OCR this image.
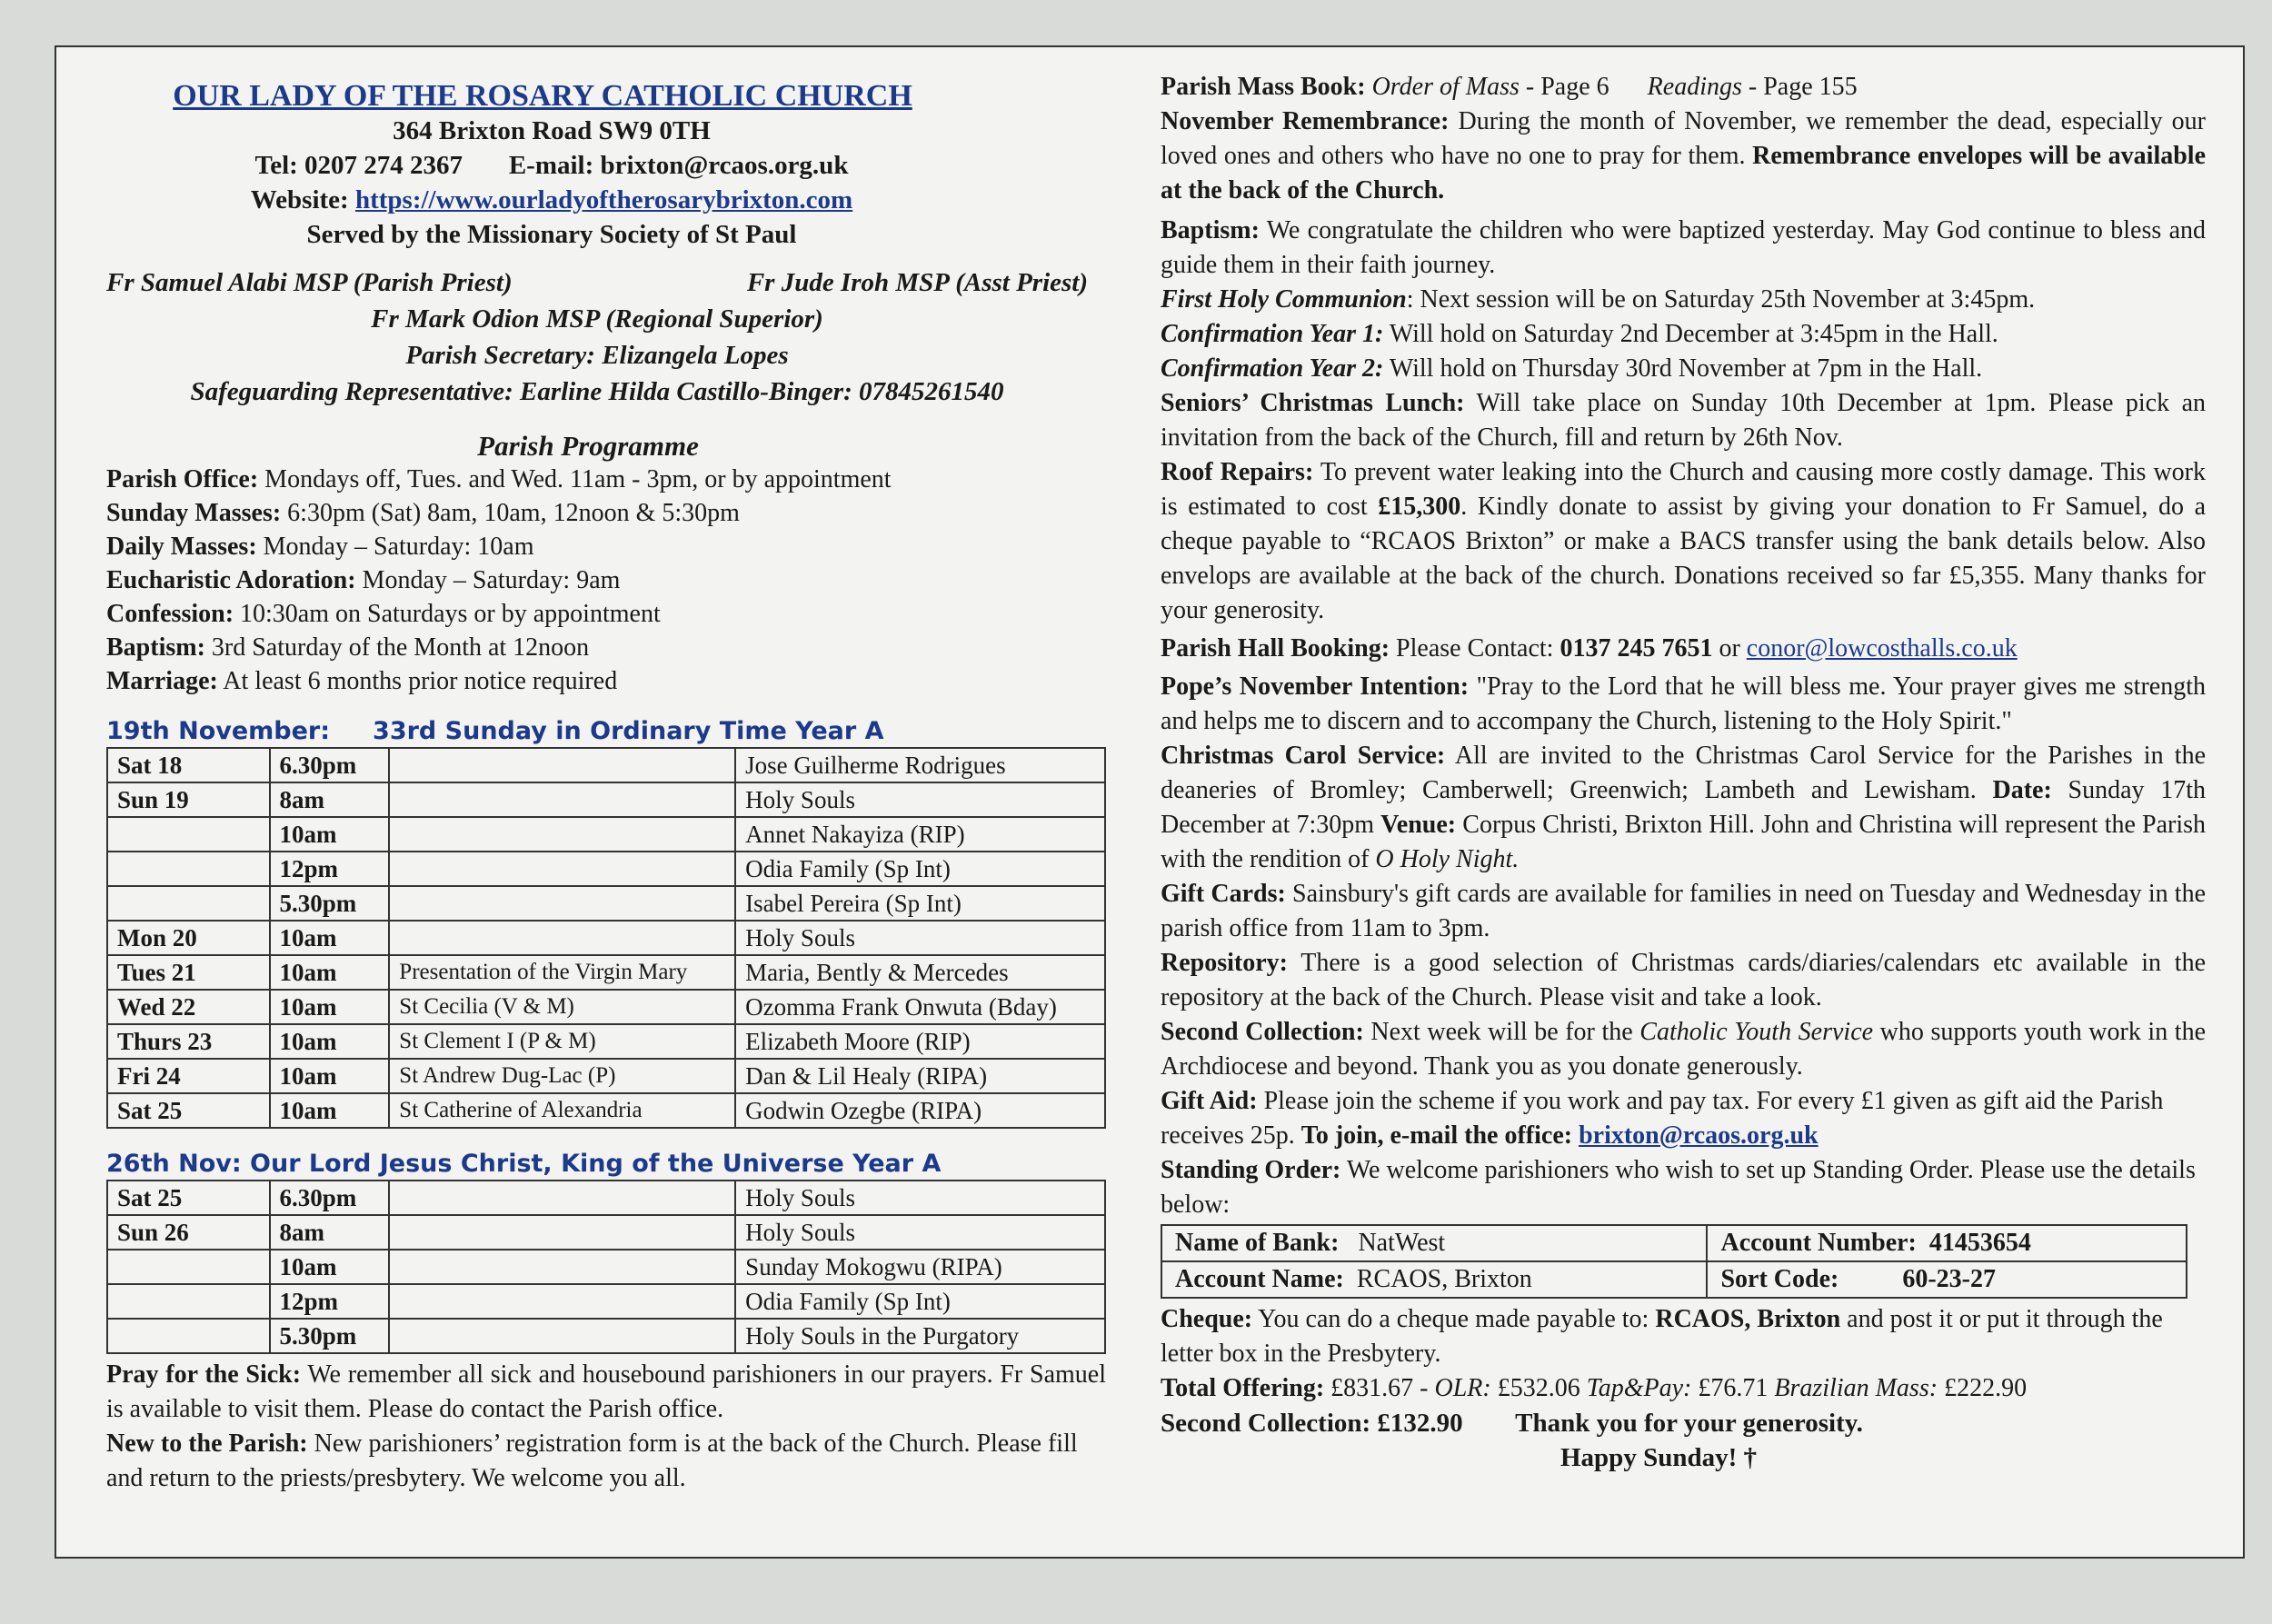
OUR LADY OF THE ROSARY CATHOLIC CHURCH
364 Brixton Road SW9 0TH
Tel: 0207 274 2367 E-mail: brixton@rcaos.org.uk
Website: https://www.ourladyoftherosarybrixton.com
Served by the Missionary Society of St Paul
Fr Samuel Alabi MSP (Parish Priest)	Fr Jude Iroh MSP (Asst Priest)
Fr Mark Odion MSP (Regional Superior)
Parish Secretary: Elizangela Lopes
Safeguarding Representative: Earline Hilda Castillo-Binger: 07845261540
Parish Programme
Parish Office: Mondays off, Tues. and Wed. 11am - 3pm, or by appointment
Sunday Masses: 6:30pm (Sat) 8am, 10am, 12noon & 5:30pm
Daily Masses: Monday – Saturday: 10am
Eucharistic Adoration: Monday – Saturday: 9am
Confession: 10:30am on Saturdays or by appointment
Baptism: 3rd Saturday of the Month at 12noon
Marriage: At least 6 months prior notice required
19th November: 33rd Sunday in Ordinary Time Year A
Sat 18	6.30pm		Jose Guilherme Rodrigues
Sun 19	8am		Holy Souls
	10am		Annet Nakayiza (RIP)
	12pm		Odia Family (Sp Int)
	5.30pm		Isabel Pereira (Sp Int)
Mon 20	10am		Holy Souls
Tues 21	10am	Presentation of the Virgin Mary	Maria, Bently & Mercedes
Wed 22	10am	St Cecilia (V & M)	Ozomma Frank Onwuta (Bday)
Thurs 23	10am	St Clement I (P & M)	Elizabeth Moore (RIP)
Fri 24	10am	St Andrew Dug-Lac (P)	Dan & Lil Healy (RIPA)
Sat 25	10am	St Catherine of Alexandria	Godwin Ozegbe (RIPA)
26th Nov: Our Lord Jesus Christ, King of the Universe Year A
Sat 25	6.30pm		Holy Souls
Sun 26	8am		Holy Souls
	10am		Sunday Mokogwu (RIPA)
	12pm		Odia Family (Sp Int)
	5.30pm		Holy Souls in the Purgatory
Pray for the Sick: We remember all sick and housebound parishioners in our prayers. Fr Samuel is available to visit them. Please do contact the Parish office.
New to the Parish: New parishioners’ registration form is at the back of the Church. Please fill and return to the priests/presbytery. We welcome you all.
Parish Mass Book: Order of Mass - Page 6 Readings - Page 155
November Remembrance: During the month of November, we remember the dead, especially our loved ones and others who have no one to pray for them. Remembrance envelopes will be available at the back of the Church.
Baptism: We congratulate the children who were baptized yesterday. May God continue to bless and guide them in their faith journey.
First Holy Communion: Next session will be on Saturday 25th November at 3:45pm.
Confirmation Year 1: Will hold on Saturday 2nd December at 3:45pm in the Hall.
Confirmation Year 2: Will hold on Thursday 30rd November at 7pm in the Hall.
Seniors’ Christmas Lunch: Will take place on Sunday 10th December at 1pm. Please pick an invitation from the back of the Church, fill and return by 26th Nov.
Roof Repairs: To prevent water leaking into the Church and causing more costly damage. This work is estimated to cost £15,300. Kindly donate to assist by giving your donation to Fr Samuel, do a cheque payable to “RCAOS Brixton” or make a BACS transfer using the bank details below. Also envelops are available at the back of the church. Donations received so far £5,355. Many thanks for your generosity.
Parish Hall Booking: Please Contact: 0137 245 7651 or conor@lowcosthalls.co.uk
Pope’s November Intention: "Pray to the Lord that he will bless me. Your prayer gives me strength and helps me to discern and to accompany the Church, listening to the Holy Spirit."
Christmas Carol Service: All are invited to the Christmas Carol Service for the Parishes in the deaneries of Bromley; Camberwell; Greenwich; Lambeth and Lewisham. Date: Sunday 17th December at 7:30pm Venue: Corpus Christi, Brixton Hill. John and Christina will represent the Parish with the rendition of O Holy Night.
Gift Cards: Sainsbury's gift cards are available for families in need on Tuesday and Wednesday in the parish office from 11am to 3pm.
Repository: There is a good selection of Christmas cards/diaries/calendars etc available in the repository at the back of the Church. Please visit and take a look.
Second Collection: Next week will be for the Catholic Youth Service who supports youth work in the Archdiocese and beyond. Thank you as you donate generously.
Gift Aid: Please join the scheme if you work and pay tax. For every £1 given as gift aid the Parish receives 25p. To join, e-mail the office: brixton@rcaos.org.uk
Standing Order: We welcome parishioners who wish to set up Standing Order. Please use the details below:
Name of Bank: NatWest	Account Number: 41453654
Account Name: RCAOS, Brixton	Sort Code: 60-23-27
Cheque: You can do a cheque made payable to: RCAOS, Brixton and post it or put it through the letter box in the Presbytery.
Total Offering: £831.67 - OLR: £532.06 Tap&Pay: £76.71 Brazilian Mass: £222.90
Second Collection: £132.90 Thank you for your generosity.
Happy Sunday! †
